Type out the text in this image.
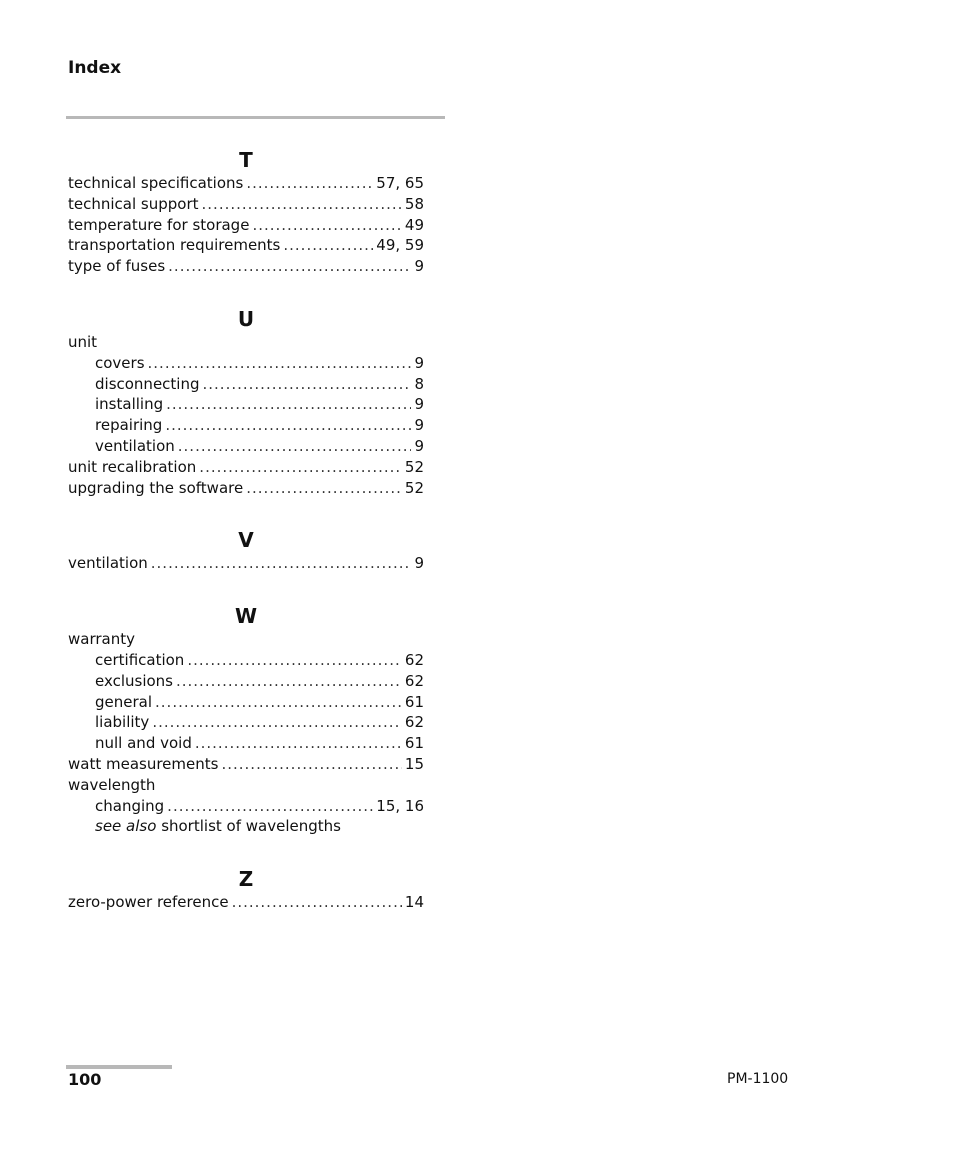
Index
T
technical specifications .....	57, 65
technical support .....	58
temperature for storage .....	49
transportation requirements .....	49, 59
type of fuses .....	9
U
unit
covers .....	9
disconnecting .....	8
installing .....	9
repairing .....	9
ventilation .....	9
unit recalibration .....	52
upgrading the software .....	52
V
ventilation .....	9
W
warranty
certification .....	62
exclusions .....	62
general .....	61
liability .....	62
null and void .....	61
watt measurements .....	15
wavelength
changing .....	15, 16
see also shortlist of wavelengths
Z
zero-power reference .....	14
100	PM-1100
